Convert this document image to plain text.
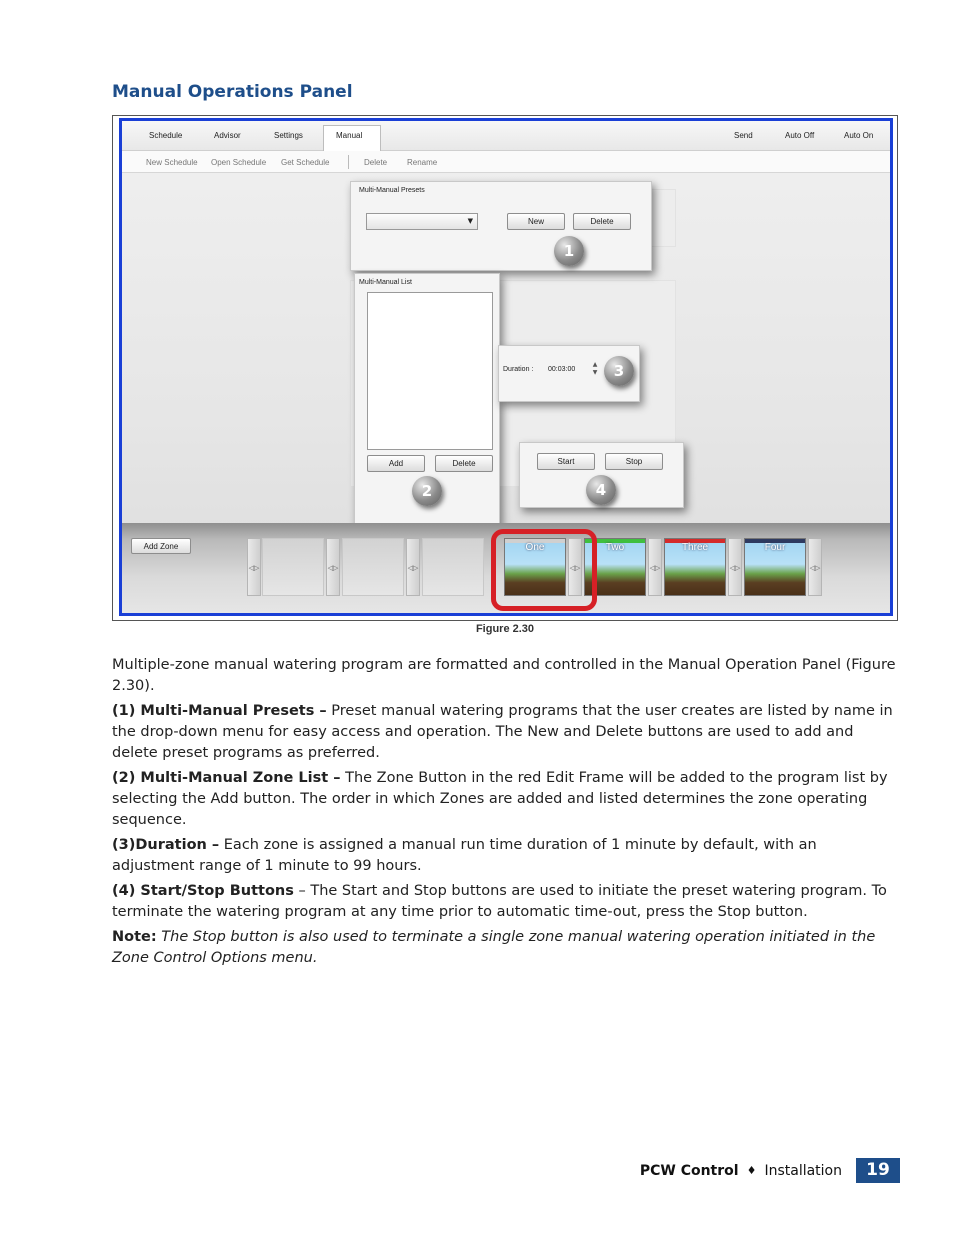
Manual Operations Panel
Schedule	Advisor	Settings	Manual	Send	Auto Off	Auto On
New Schedule Open Schedule Get Schedule	Delete Rename
Multi-Manual Presets
▼	New	Delete
1
Multi-Manual List
Add	Delete
2
Duration : 00:03:00
▲
▼	3
Start	Stop
4
Add Zone
◁▷	◁▷	◁▷
One
◁▷
Two
◁▷
Three
◁▷
Four
◁▷
Figure 2.30

Multiple-zone manual watering program are formatted and controlled in the Manual Operation Panel (Figure 2.30).

(1) Multi-Manual Presets – Preset manual watering programs that the user creates are listed by name in the drop-down menu for easy access and operation. The New and Delete buttons are used to add and delete preset programs as preferred.

(2) Multi-Manual Zone List – The Zone Button in the red Edit Frame will be added to the program list by selecting the Add button. The order in which Zones are added and listed determines the zone operating sequence.

(3)Duration – Each zone is assigned a manual run time duration of 1 minute by default, with an adjustment range of 1 minute to 99 hours.

(4) Start/Stop Buttons – The Start and Stop buttons are used to initiate the preset watering program. To terminate the watering program at any time prior to automatic time-out, press the Stop button.

Note: The Stop button is also used to terminate a single zone manual watering operation initiated in the Zone Control Options menu.

PCW Control ♦ Installation	19
